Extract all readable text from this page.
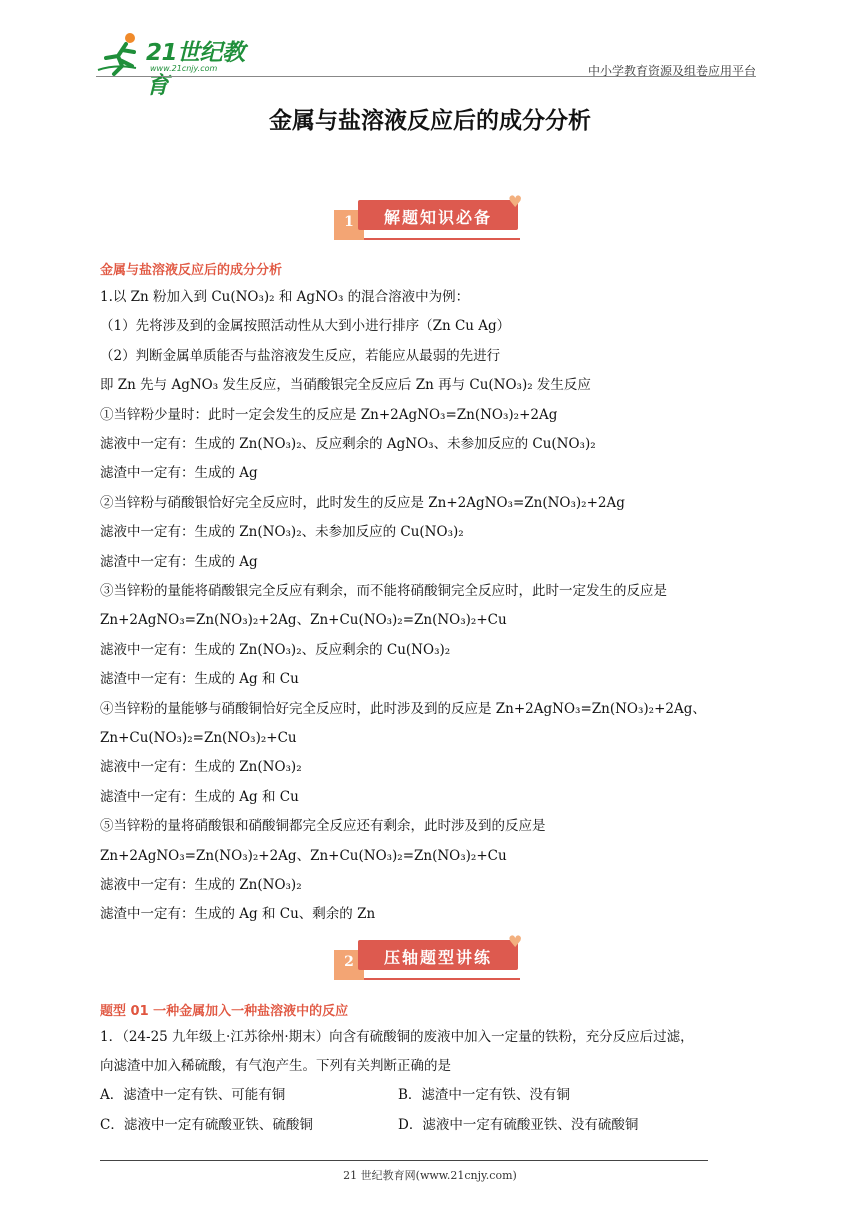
21世纪教育
www.21cnjy.com	中小学教育资源及组卷应用平台
金属与盐溶液反应后的成分分析
1	解题知识必备
♥
金属与盐溶液反应后的成分分析
1.以 Zn 粉加入到 Cu(NO₃)₂ 和 AgNO₃ 的混合溶液中为例：
（1）先将涉及到的金属按照活动性从大到小进行排序（Zn Cu Ag）
（2）判断金属单质能否与盐溶液发生反应，若能应从最弱的先进行
即 Zn 先与 AgNO₃ 发生反应，当硝酸银完全反应后 Zn 再与 Cu(NO₃)₂ 发生反应
①当锌粉少量时：此时一定会发生的反应是 Zn+2AgNO₃=Zn(NO₃)₂+2Ag
滤液中一定有：生成的 Zn(NO₃)₂、反应剩余的 AgNO₃、未参加反应的 Cu(NO₃)₂
滤渣中一定有：生成的 Ag
②当锌粉与硝酸银恰好完全反应时，此时发生的反应是 Zn+2AgNO₃=Zn(NO₃)₂+2Ag
滤液中一定有：生成的 Zn(NO₃)₂、未参加反应的 Cu(NO₃)₂
滤渣中一定有：生成的 Ag
③当锌粉的量能将硝酸银完全反应有剩余，而不能将硝酸铜完全反应时，此时一定发生的反应是
Zn+2AgNO₃=Zn(NO₃)₂+2Ag、Zn+Cu(NO₃)₂=Zn(NO₃)₂+Cu
滤液中一定有：生成的 Zn(NO₃)₂、反应剩余的 Cu(NO₃)₂
滤渣中一定有：生成的 Ag 和 Cu
④当锌粉的量能够与硝酸铜恰好完全反应时，此时涉及到的反应是 Zn+2AgNO₃=Zn(NO₃)₂+2Ag、
Zn+Cu(NO₃)₂=Zn(NO₃)₂+Cu
滤液中一定有：生成的 Zn(NO₃)₂
滤渣中一定有：生成的 Ag 和 Cu
⑤当锌粉的量将硝酸银和硝酸铜都完全反应还有剩余，此时涉及到的反应是
Zn+2AgNO₃=Zn(NO₃)₂+2Ag、Zn+Cu(NO₃)₂=Zn(NO₃)₂+Cu
滤液中一定有：生成的 Zn(NO₃)₂
滤渣中一定有：生成的 Ag 和 Cu、剩余的 Zn
2	压轴题型讲练
♥
题型 01 一种金属加入一种盐溶液中的反应
1．（24-25 九年级上·江苏徐州·期末）向含有硫酸铜的废液中加入一定量的铁粉，充分反应后过滤，
向滤渣中加入稀硫酸，有气泡产生。下列有关判断正确的是
A．滤渣中一定有铁、可能有铜	B．滤渣中一定有铁、没有铜
C．滤液中一定有硫酸亚铁、硫酸铜	D．滤液中一定有硫酸亚铁、没有硫酸铜
21 世纪教育网(www.21cnjy.com)
